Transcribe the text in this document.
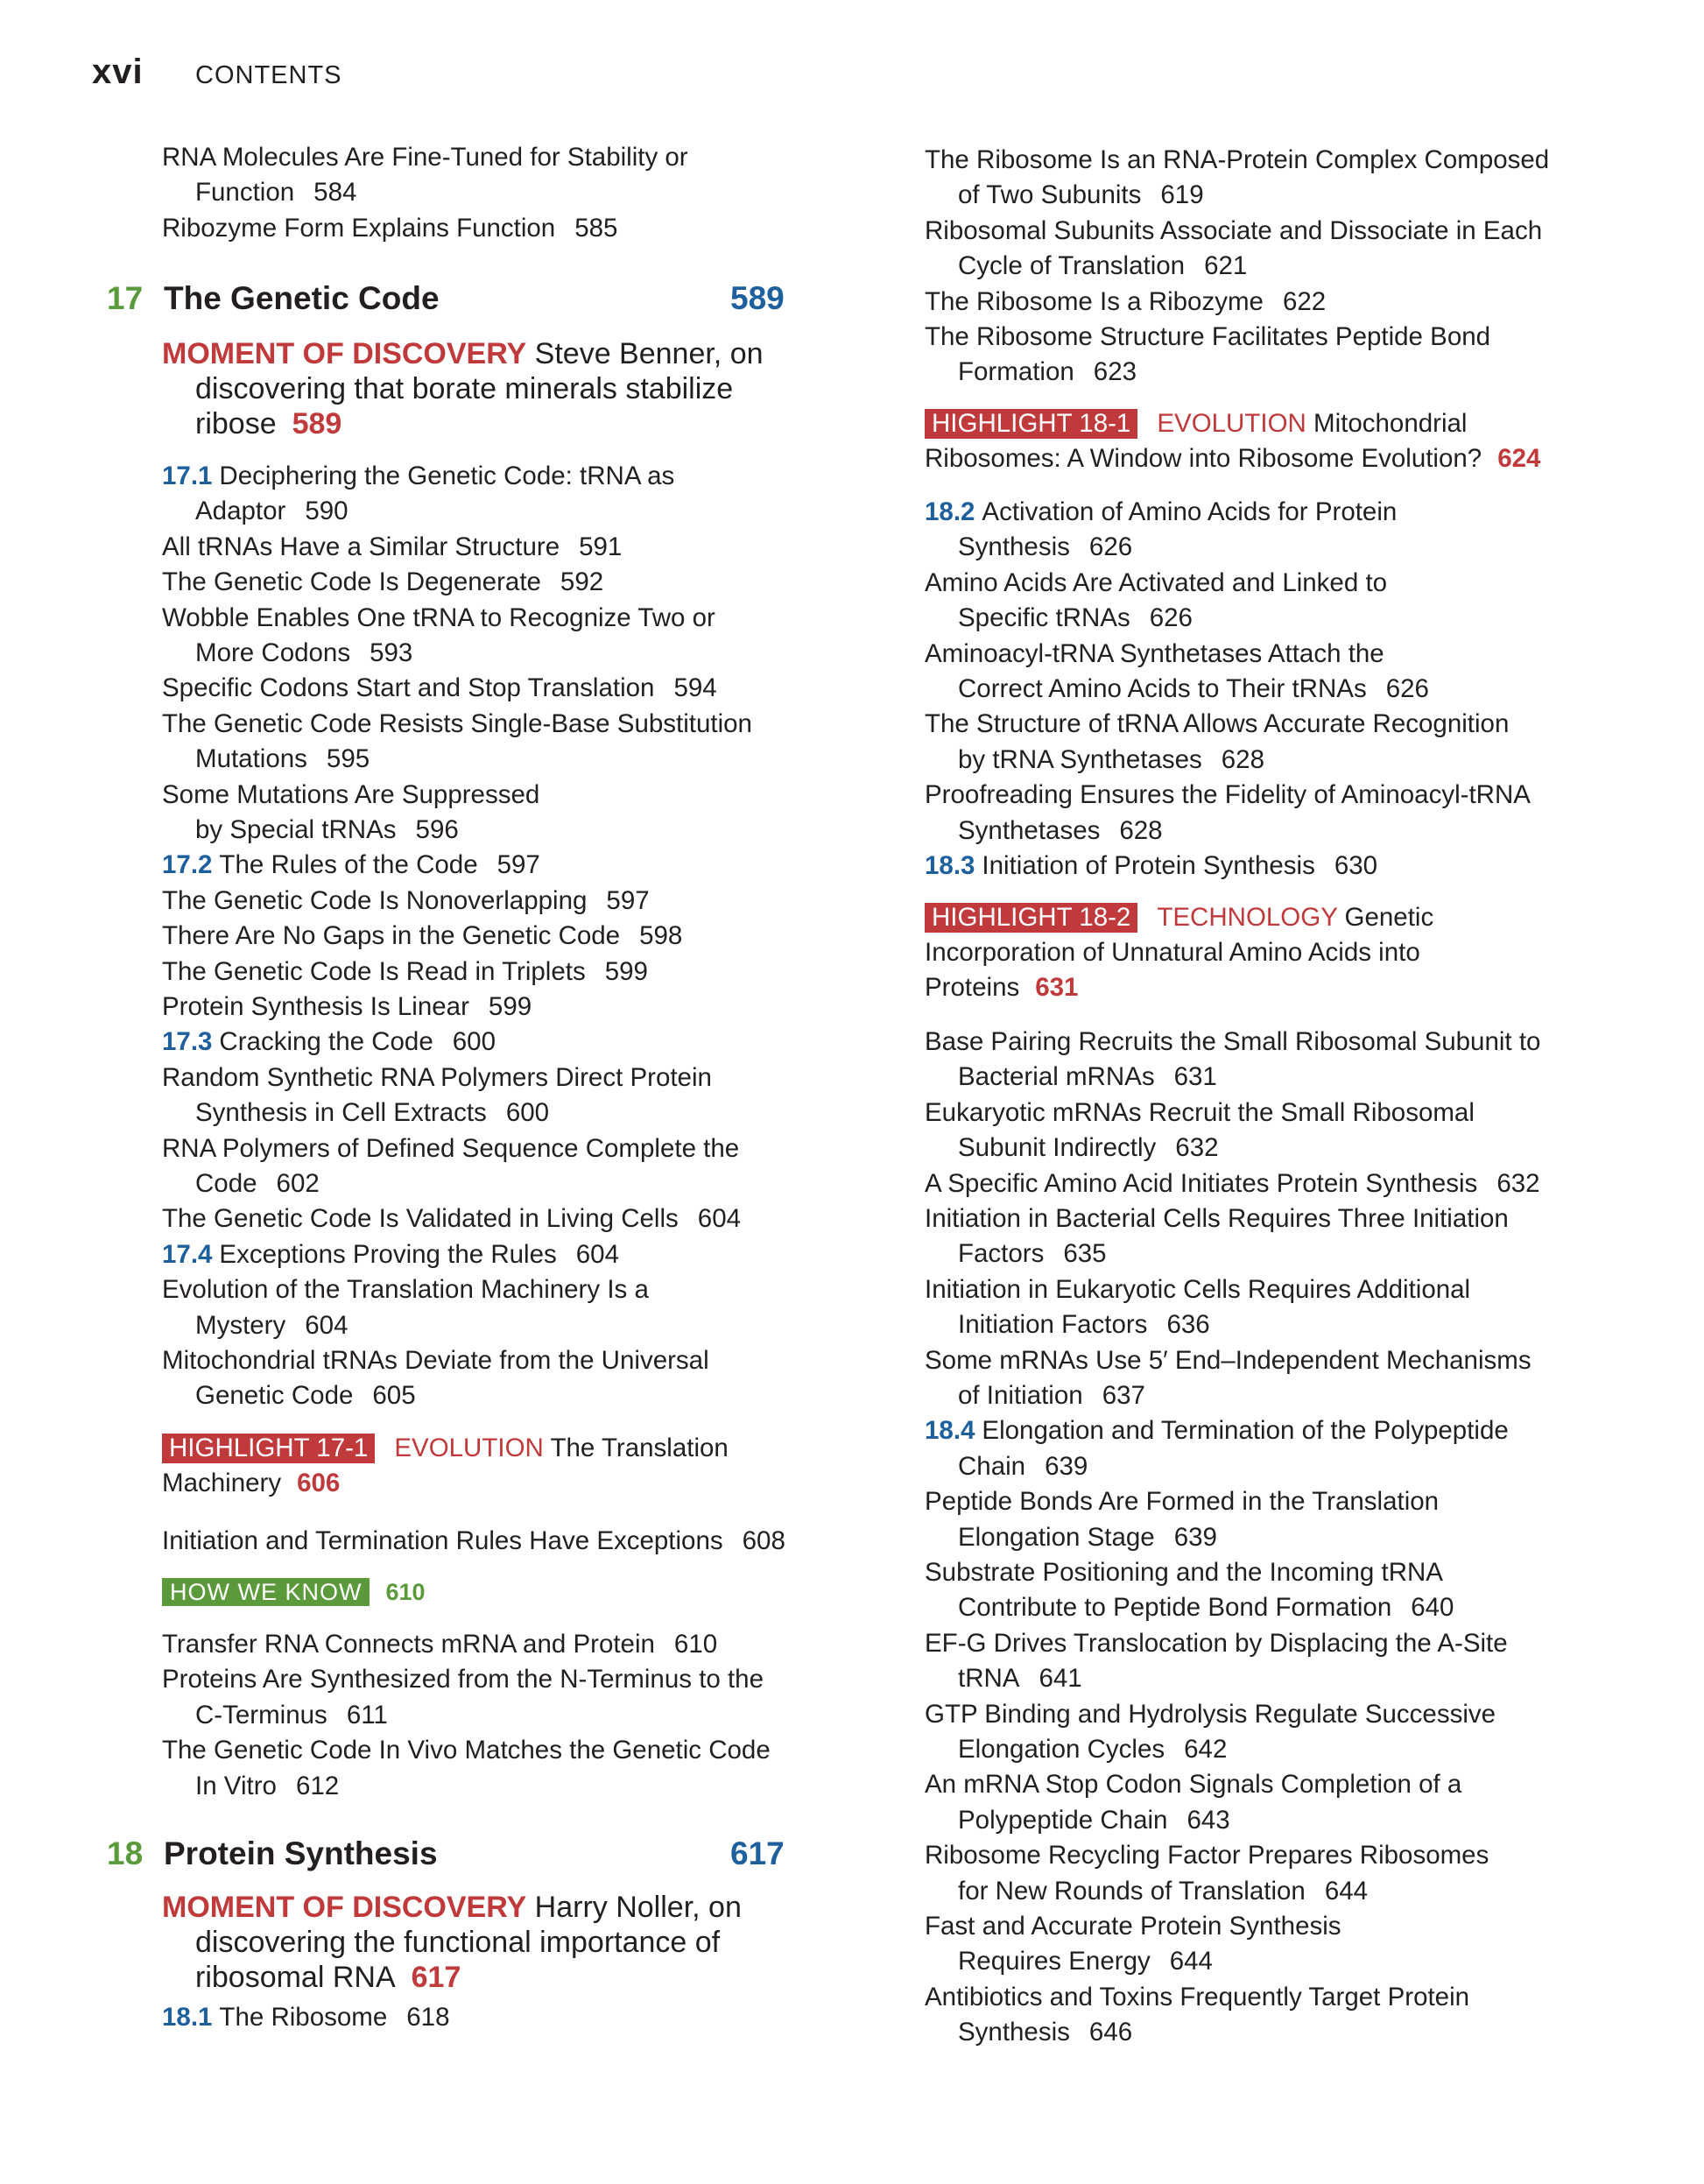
xvi CONTENTS
RNA Molecules Are Fine-Tuned for Stability or
Function 584
Ribozyme Form Explains Function 585
17 The Genetic Code	589
MOMENT OF DISCOVERY Steve Benner, on
discovering that borate minerals stabilize
ribose 589
17.1 Deciphering the Genetic Code: tRNA as
Adaptor 590
All tRNAs Have a Similar Structure 591
The Genetic Code Is Degenerate 592
Wobble Enables One tRNA to Recognize Two or
More Codons 593
Specific Codons Start and Stop Translation 594
The Genetic Code Resists Single-Base Substitution
Mutations 595
Some Mutations Are Suppressed
by Special tRNAs 596
17.2 The Rules of the Code 597
The Genetic Code Is Nonoverlapping 597
There Are No Gaps in the Genetic Code 598
The Genetic Code Is Read in Triplets 599
Protein Synthesis Is Linear 599
17.3 Cracking the Code 600
Random Synthetic RNA Polymers Direct Protein
Synthesis in Cell Extracts 600
RNA Polymers of Defined Sequence Complete the
Code 602
The Genetic Code Is Validated in Living Cells 604
17.4 Exceptions Proving the Rules 604
Evolution of the Translation Machinery Is a
Mystery 604
Mitochondrial tRNAs Deviate from the Universal
Genetic Code 605
HIGHLIGHT 17-1 EVOLUTION The Translation
Machinery 606
Initiation and Termination Rules Have Exceptions 608
HOW WE KNOW 610
Transfer RNA Connects mRNA and Protein 610
Proteins Are Synthesized from the N-Terminus to the
C-Terminus 611
The Genetic Code In Vivo Matches the Genetic Code
In Vitro 612
18 Protein Synthesis	617
MOMENT OF DISCOVERY Harry Noller, on
discovering the functional importance of
ribosomal RNA 617
18.1 The Ribosome 618
The Ribosome Is an RNA-Protein Complex Composed
of Two Subunits 619
Ribosomal Subunits Associate and Dissociate in Each
Cycle of Translation 621
The Ribosome Is a Ribozyme 622
The Ribosome Structure Facilitates Peptide Bond
Formation 623
HIGHLIGHT 18-1 EVOLUTION Mitochondrial
Ribosomes: A Window into Ribosome Evolution? 624
18.2 Activation of Amino Acids for Protein
Synthesis 626
Amino Acids Are Activated and Linked to
Specific tRNAs 626
Aminoacyl-tRNA Synthetases Attach the
Correct Amino Acids to Their tRNAs 626
The Structure of tRNA Allows Accurate Recognition
by tRNA Synthetases 628
Proofreading Ensures the Fidelity of Aminoacyl-tRNA
Synthetases 628
18.3 Initiation of Protein Synthesis 630
HIGHLIGHT 18-2 TECHNOLOGY Genetic
Incorporation of Unnatural Amino Acids into
Proteins 631
Base Pairing Recruits the Small Ribosomal Subunit to
Bacterial mRNAs 631
Eukaryotic mRNAs Recruit the Small Ribosomal
Subunit Indirectly 632
A Specific Amino Acid Initiates Protein Synthesis 632
Initiation in Bacterial Cells Requires Three Initiation
Factors 635
Initiation in Eukaryotic Cells Requires Additional
Initiation Factors 636
Some mRNAs Use 5′ End–Independent Mechanisms
of Initiation 637
18.4 Elongation and Termination of the Polypeptide
Chain 639
Peptide Bonds Are Formed in the Translation
Elongation Stage 639
Substrate Positioning and the Incoming tRNA
Contribute to Peptide Bond Formation 640
EF-G Drives Translocation by Displacing the A-Site
tRNA 641
GTP Binding and Hydrolysis Regulate Successive
Elongation Cycles 642
An mRNA Stop Codon Signals Completion of a
Polypeptide Chain 643
Ribosome Recycling Factor Prepares Ribosomes
for New Rounds of Translation 644
Fast and Accurate Protein Synthesis
Requires Energy 644
Antibiotics and Toxins Frequently Target Protein
Synthesis 646
